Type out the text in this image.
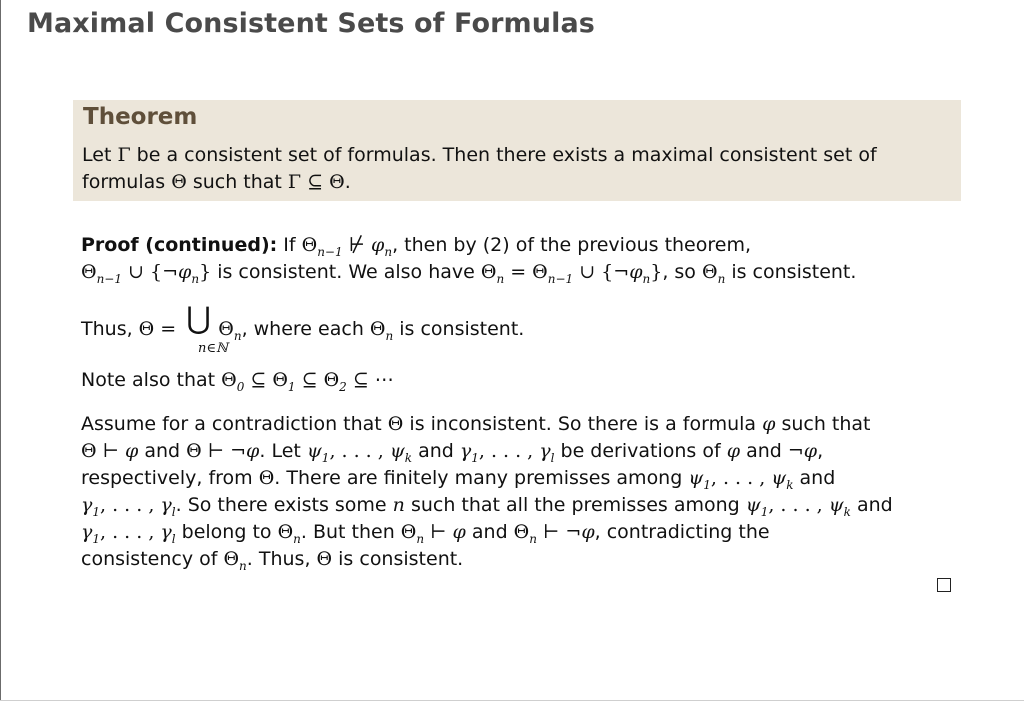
Maximal Consistent Sets of Formulas
Theorem
Let Γ be a consistent set of formulas. Then there exists a maximal consistent set of
formulas Θ such that Γ ⊆ Θ.
Proof (continued): If $\Theta_{n-1}$ ⊬ $\varphi_n$, then by (2) of the previous theorem,
$\Theta_{n-1}$ ∪ $\{\neg\varphi_n\}$ is consistent. We also have $\Theta_n = \Theta_{n-1}$ ∪ $\{\neg\varphi_n\}$, so $\Theta_n$ is consistent.
Thus, Θ = ⋃ $\Theta_n$, where each $\Theta_n$ is consistent.
n∈ℕ
Note also that $\Theta_0$ ⊆ $\Theta_1$ ⊆ $\Theta_2$ ⊆ ⋯
Assume for a contradiction that Θ is inconsistent. So there is a formula φ such that
Θ ⊢ φ and Θ ⊢ ¬φ. Let $\psi_1$, . . . , $\psi_k$ and $\gamma_1$, . . . , $\gamma_l$ be derivations of φ and ¬φ,
respectively, from Θ. There are finitely many premisses among $\psi_1$, . . . , $\psi_k$ and
$\gamma_1$, . . . , $\gamma_l$. So there exists some n such that all the premisses among $\psi_1$, . . . , $\psi_k$ and
$\gamma_1$, . . . , $\gamma_l$ belong to $\Theta_n$. But then $\Theta_n$ ⊢ φ and $\Theta_n$ ⊢ ¬φ, contradicting the
consistency of $\Theta_n$. Thus, Θ is consistent.
